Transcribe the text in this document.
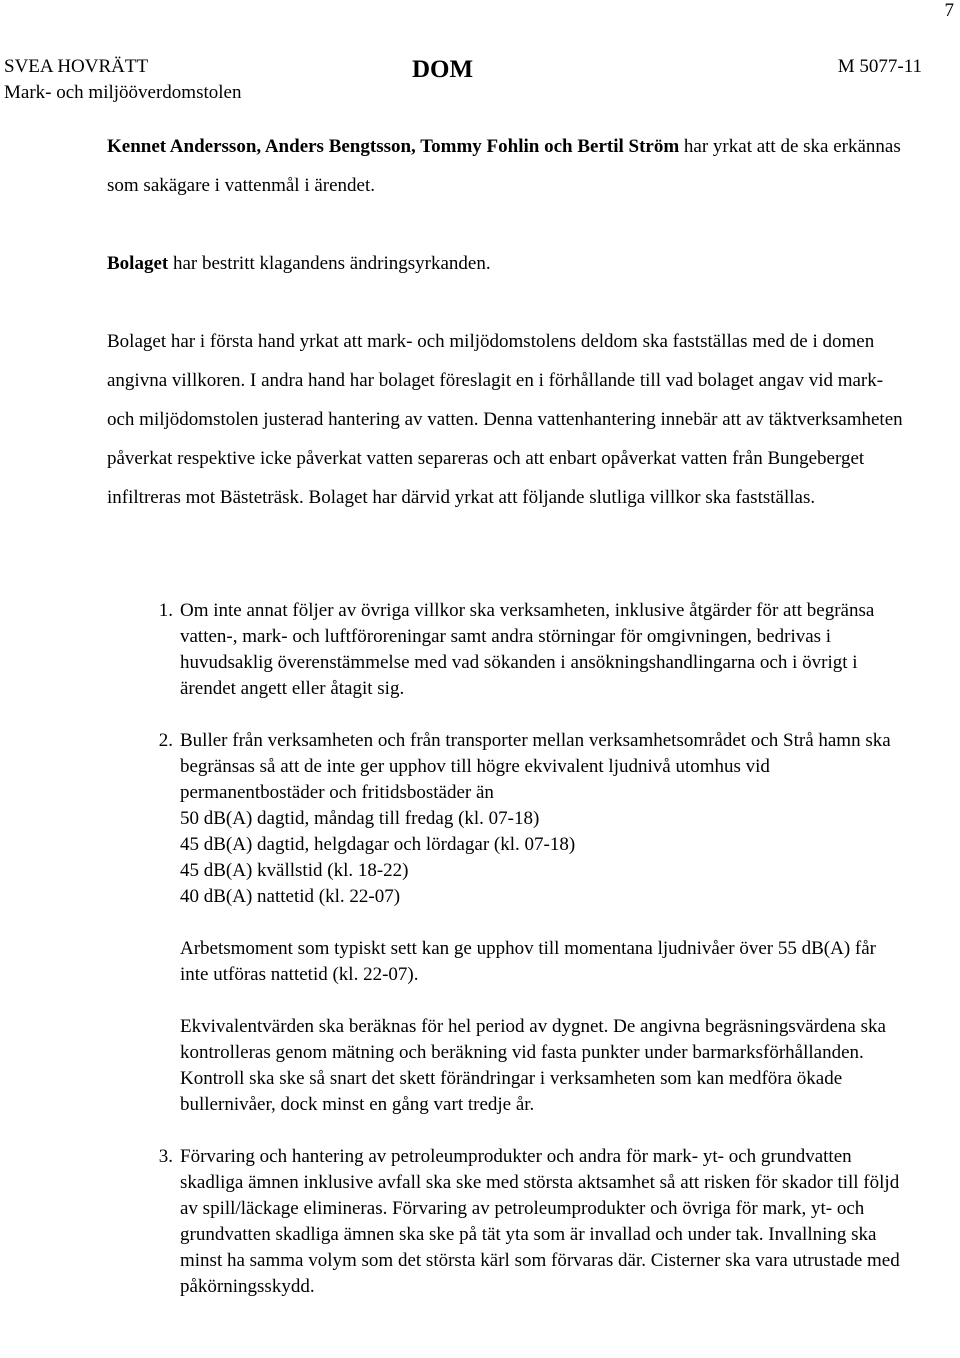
7
SVEA HOVRÄTT
Mark- och miljööverdomstolen
DOM	M 5077-11
Kennet Andersson, Anders Bengtsson, Tommy Fohlin och Bertil Ström har yrkat att de ska erkännas som sakägare i vattenmål i ärendet.
Bolaget har bestritt klagandens ändringsyrkanden.
Bolaget har i första hand yrkat att mark- och miljödomstolens deldom ska fastställas med de i domen angivna villkoren. I andra hand har bolaget föreslagit en i förhållande till vad bolaget angav vid mark- och miljödomstolen justerad hantering av vatten. Denna vattenhantering innebär att av täktverksamheten påverkat respektive icke påverkat vatten separeras och att enbart opåverkat vatten från Bungeberget infiltreras mot Bästeträsk. Bolaget har därvid yrkat att följande slutliga villkor ska fastställas.
1. Om inte annat följer av övriga villkor ska verksamheten, inklusive åtgärder för att begränsa vatten-, mark- och luftföroreningar samt andra störningar för omgivningen, bedrivas i huvudsaklig överenstämmelse med vad sökanden i ansökningshandlingarna och i övrigt i ärendet angett eller åtagit sig.
2. Buller från verksamheten och från transporter mellan verksamhetsområdet och Strå hamn ska begränsas så att de inte ger upphov till högre ekvivalent ljudnivå utomhus vid permanentbostäder och fritidsbostäder än
50 dB(A) dagtid, måndag till fredag (kl. 07-18)
45 dB(A) dagtid, helgdagar och lördagar (kl. 07-18)
45 dB(A) kvällstid (kl. 18-22)
40 dB(A) nattetid (kl. 22-07)
Arbetsmoment som typiskt sett kan ge upphov till momentana ljudnivåer över 55 dB(A) får inte utföras nattetid (kl. 22-07).
Ekvivalentvärden ska beräknas för hel period av dygnet. De angivna begräsningsvärdena ska kontrolleras genom mätning och beräkning vid fasta punkter under barmarksförhållanden. Kontroll ska ske så snart det skett förändringar i verksamheten som kan medföra ökade bullernivåer, dock minst en gång vart tredje år.
3. Förvaring och hantering av petroleumprodukter och andra för mark- yt- och grundvatten skadliga ämnen inklusive avfall ska ske med största aktsamhet så att risken för skador till följd av spill/läckage elimineras. Förvaring av petroleumprodukter och övriga för mark, yt- och grundvatten skadliga ämnen ska ske på tät yta som är invallad och under tak. Invallning ska minst ha samma volym som det största kärl som förvaras där. Cisterner ska vara utrustade med påkörningsskydd.
